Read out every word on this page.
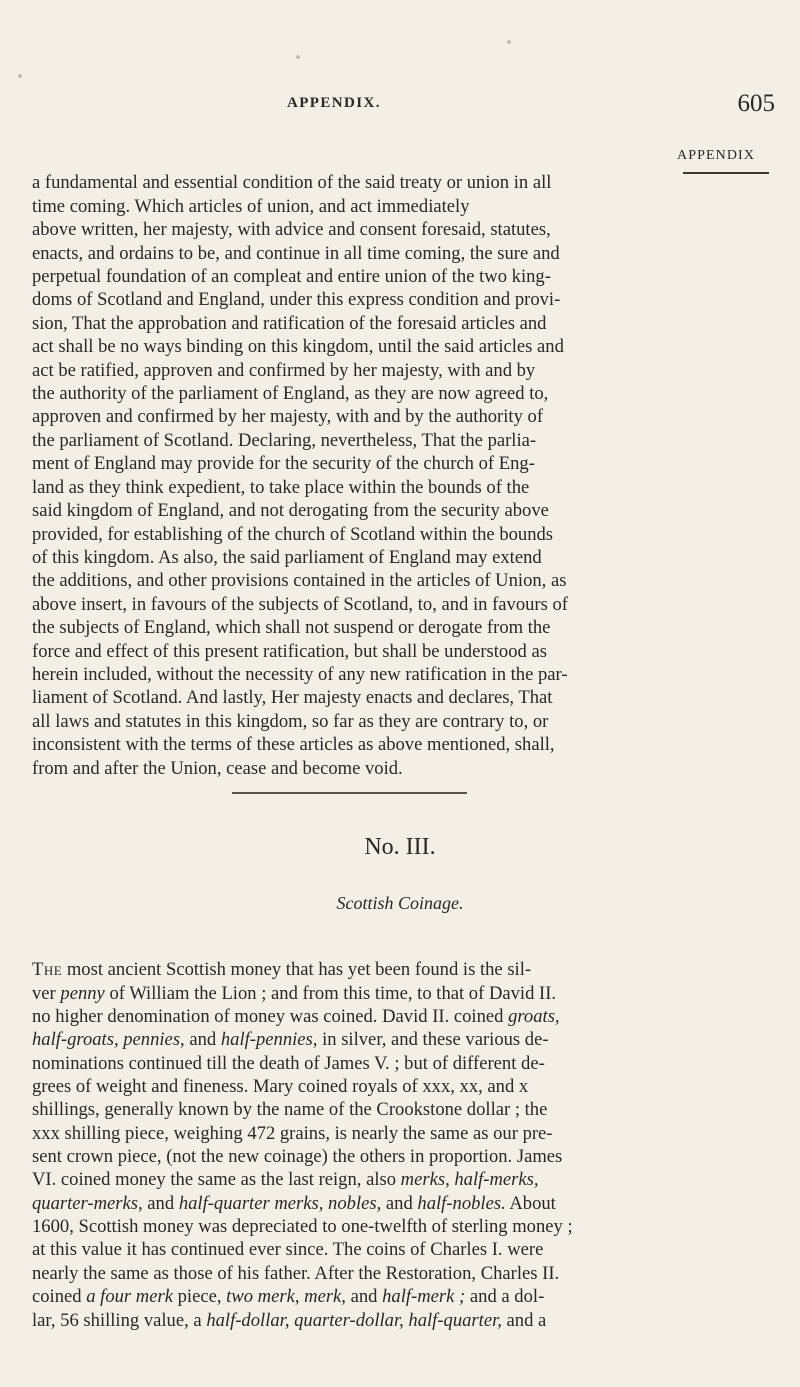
APPENDIX.	605
APPENDIX

a fundamental and essential condition of the said treaty or union in all
time coming. Which articles of union, and act immediately
above written, her majesty, with advice and consent foresaid, statutes,
enacts, and ordains to be, and continue in all time coming, the sure and
perpetual foundation of an compleat and entire union of the two king-
doms of Scotland and England, under this express condition and provi-
sion, That the approbation and ratification of the foresaid articles and
act shall be no ways binding on this kingdom, until the said articles and
act be ratified, approven and confirmed by her majesty, with and by
the authority of the parliament of England, as they are now agreed to,
approven and confirmed by her majesty, with and by the authority of
the parliament of Scotland. Declaring, nevertheless, That the parlia-
ment of England may provide for the security of the church of Eng-
land as they think expedient, to take place within the bounds of the
said kingdom of England, and not derogating from the security above
provided, for establishing of the church of Scotland within the bounds
of this kingdom. As also, the said parliament of England may extend
the additions, and other provisions contained in the articles of Union, as
above insert, in favours of the subjects of Scotland, to, and in favours of
the subjects of England, which shall not suspend or derogate from the
force and effect of this present ratification, but shall be understood as
herein included, without the necessity of any new ratification in the par-
liament of Scotland. And lastly, Her majesty enacts and declares, That
all laws and statutes in this kingdom, so far as they are contrary to, or
inconsistent with the terms of these articles as above mentioned, shall,
from and after the Union, cease and become void.

No. III.
Scottish Coinage.

The most ancient Scottish money that has yet been found is the sil-
ver penny of William the Lion ; and from this time, to that of David II.
no higher denomination of money was coined. David II. coined groats,
half-groats, pennies, and half-pennies, in silver, and these various de-
nominations continued till the death of James V. ; but of different de-
grees of weight and fineness. Mary coined royals of xxx, xx, and x
shillings, generally known by the name of the Crookstone dollar ; the
xxx shilling piece, weighing 472 grains, is nearly the same as our pre-
sent crown piece, (not the new coinage) the others in proportion. James
VI. coined money the same as the last reign, also merks, half-merks,
quarter-merks, and half-quarter merks, nobles, and half-nobles. About
1600, Scottish money was depreciated to one-twelfth of sterling money ;
at this value it has continued ever since. The coins of Charles I. were
nearly the same as those of his father. After the Restoration, Charles II.
coined a four merk piece, two merk, merk, and half-merk ; and a dol-
lar, 56 shilling value, a half-dollar, quarter-dollar, half-quarter, and a
